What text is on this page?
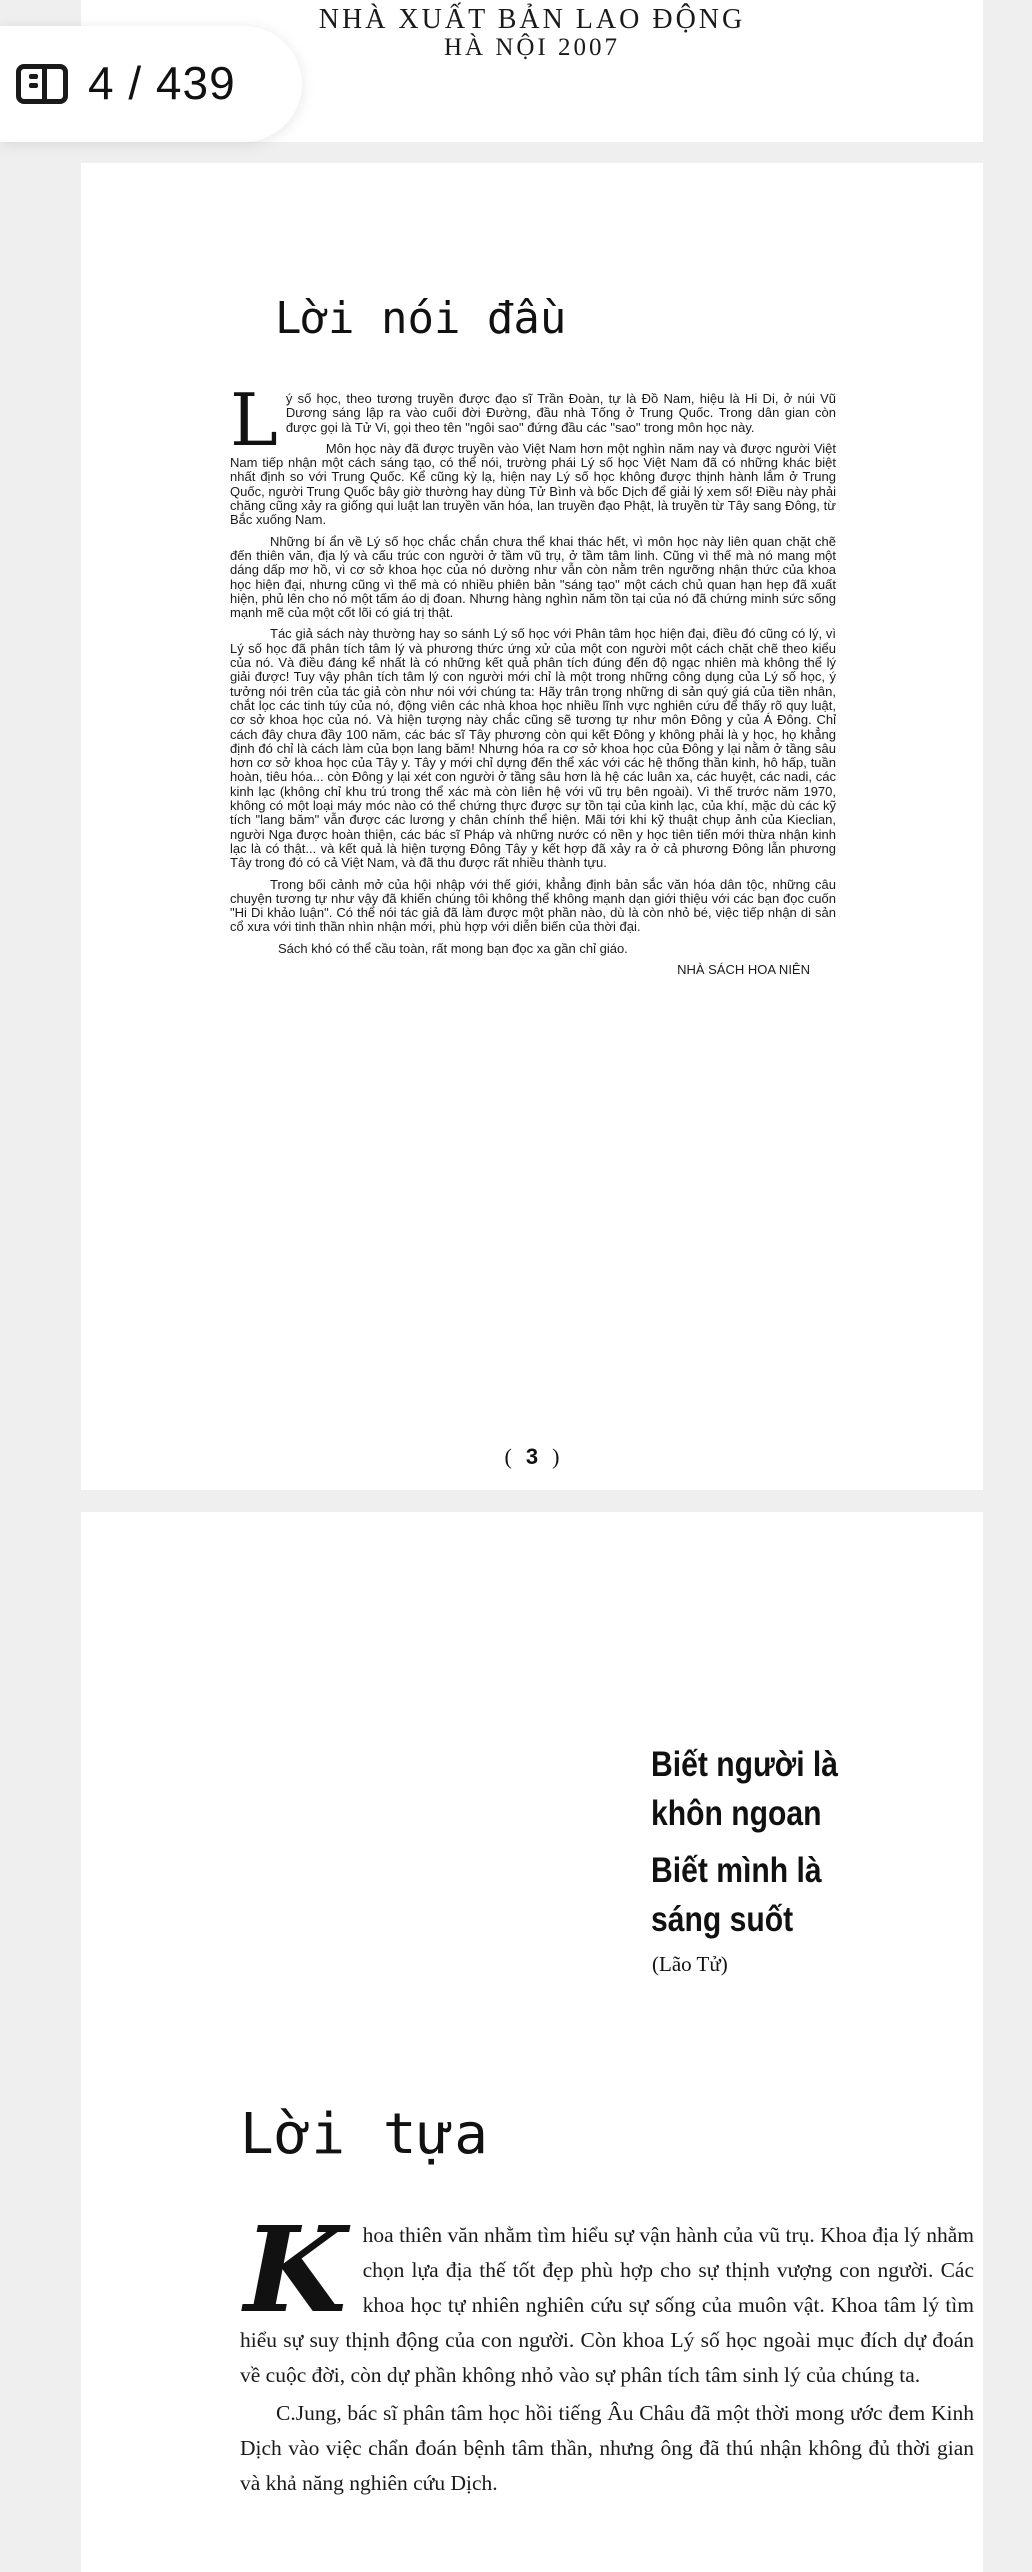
NHÀ XUẤT BẢN LAO ĐỘNG
HÀ NỘI 2007
4 / 439
Lời nói đầu

Lý số học, theo tương truyền được đạo sĩ Trần Đoàn, tự là Đồ Nam, hiệu là Hi Di, ở núi Vũ Dương sáng lập ra vào cuối đời Đường, đầu nhà Tống ở Trung Quốc. Trong dân gian còn được gọi là Tử Vi, gọi theo tên "ngôi sao" đứng đầu các "sao" trong môn học này.

Môn học này đã được truyền vào Việt Nam hơn một nghìn năm nay và được người Việt Nam tiếp nhận một cách sáng tạo, có thể nói, trường phái Lý số học Việt Nam đã có những khác biệt nhất định so với Trung Quốc. Kể cũng kỳ lạ, hiện nay Lý số học không được thịnh hành lắm ở Trung Quốc, người Trung Quốc bây giờ thường hay dùng Tử Bình và bốc Dịch để giải lý xem số! Điều này phải chăng cũng xảy ra giống qui luật lan truyền văn hóa, lan truyền đạo Phật, là truyền từ Tây sang Đông, từ Bắc xuống Nam.

Những bí ẩn về Lý số học chắc chắn chưa thể khai thác hết, vì môn học này liên quan chặt chẽ đến thiên văn, địa lý và cấu trúc con người ở tầm vũ trụ, ở tầm tâm linh. Cũng vì thế mà nó mang một dáng dấp mơ hồ, vì cơ sở khoa học của nó dường như vẫn còn nằm trên ngưỡng nhận thức của khoa học hiện đại, nhưng cũng vì thế mà có nhiều phiên bản "sáng tạo" một cách chủ quan hạn hẹp đã xuất hiện, phủ lên cho nó một tấm áo dị đoan. Nhưng hàng nghìn năm tồn tại của nó đã chứng minh sức sống mạnh mẽ của một cốt lõi có giá trị thật.

Tác giả sách này thường hay so sánh Lý số học với Phân tâm học hiện đại, điều đó cũng có lý, vì Lý số học đã phân tích tâm lý và phương thức ứng xử của một con người một cách chặt chẽ theo kiểu của nó. Và điều đáng kể nhất là có những kết quả phân tích đúng đến độ ngạc nhiên mà không thể lý giải được! Tuy vậy phân tích tâm lý con người mới chỉ là một trong những công dụng của Lý số học, ý tưởng nói trên của tác giả còn như nói với chúng ta: Hãy trân trọng những di sản quý giá của tiền nhân, chắt lọc các tinh túy của nó, động viên các nhà khoa học nhiều lĩnh vực nghiên cứu để thấy rõ quy luật, cơ sở khoa học của nó. Và hiện tượng này chắc cũng sẽ tương tự như môn Đông y của Á Đông. Chỉ cách đây chưa đầy 100 năm, các bác sĩ Tây phương còn qui kết Đông y không phải là y học, họ khẳng định đó chỉ là cách làm của bọn lang băm! Nhưng hóa ra cơ sở khoa học của Đông y lại nằm ở tầng sâu hơn cơ sở khoa học của Tây y. Tây y mới chỉ dựng đến thể xác với các hệ thống thần kinh, hô hấp, tuần hoàn, tiêu hóa... còn Đông y lại xét con người ở tầng sâu hơn là hệ các luân xa, các huyệt, các nadi, các kinh lạc (không chỉ khu trú trong thể xác mà còn liên hệ với vũ trụ bên ngoài). Vì thế trước năm 1970, không có một loại máy móc nào có thể chứng thực được sự tồn tại của kinh lạc, của khí, mặc dù các kỹ tích "lang băm" vẫn được các lương y chân chính thể hiện. Mãi tới khi kỹ thuật chụp ảnh của Kieclian, người Nga được hoàn thiện, các bác sĩ Pháp và những nước có nền y học tiên tiến mới thừa nhận kinh lạc là có thật... và kết quả là hiện tượng Đông Tây y kết hợp đã xảy ra ở cả phương Đông lẫn phương Tây trong đó có cả Việt Nam, và đã thu được rất nhiều thành tựu.

Trong bối cảnh mở của hội nhập với thế giới, khẳng định bản sắc văn hóa dân tộc, những câu chuyện tương tự như vậy đã khiến chúng tôi không thể không mạnh dạn giới thiệu với các bạn đọc cuốn "Hi Di khảo luận". Có thể nói tác giả đã làm được một phần nào, dù là còn nhỏ bé, việc tiếp nhận di sản cổ xưa với tinh thần nhìn nhận mới, phù hợp với diễn biến của thời đại.

Sách khó có thể cầu toàn, rất mong bạn đọc xa gần chỉ giáo.

NHÀ SÁCH HOA NIÊN

( 3 )
Biết người là
khôn ngoan
Biết mình là
sáng suốt
(Lão Tử)
Lời tựa

Khoa thiên văn nhằm tìm hiểu sự vận hành của vũ trụ. Khoa địa lý nhằm chọn lựa địa thế tốt đẹp phù hợp cho sự thịnh vượng con người. Các khoa học tự nhiên nghiên cứu sự sống của muôn vật. Khoa tâm lý tìm hiểu sự suy thịnh động của con người. Còn khoa Lý số học ngoài mục đích dự đoán về cuộc đời, còn dự phần không nhỏ vào sự phân tích tâm sinh lý của chúng ta.

C.Jung, bác sĩ phân tâm học hồi tiếng Âu Châu đã một thời mong ước đem Kinh Dịch vào việc chẩn đoán bệnh tâm thần, nhưng ông đã thú nhận không đủ thời gian và khả năng nghiên cứu Dịch.
